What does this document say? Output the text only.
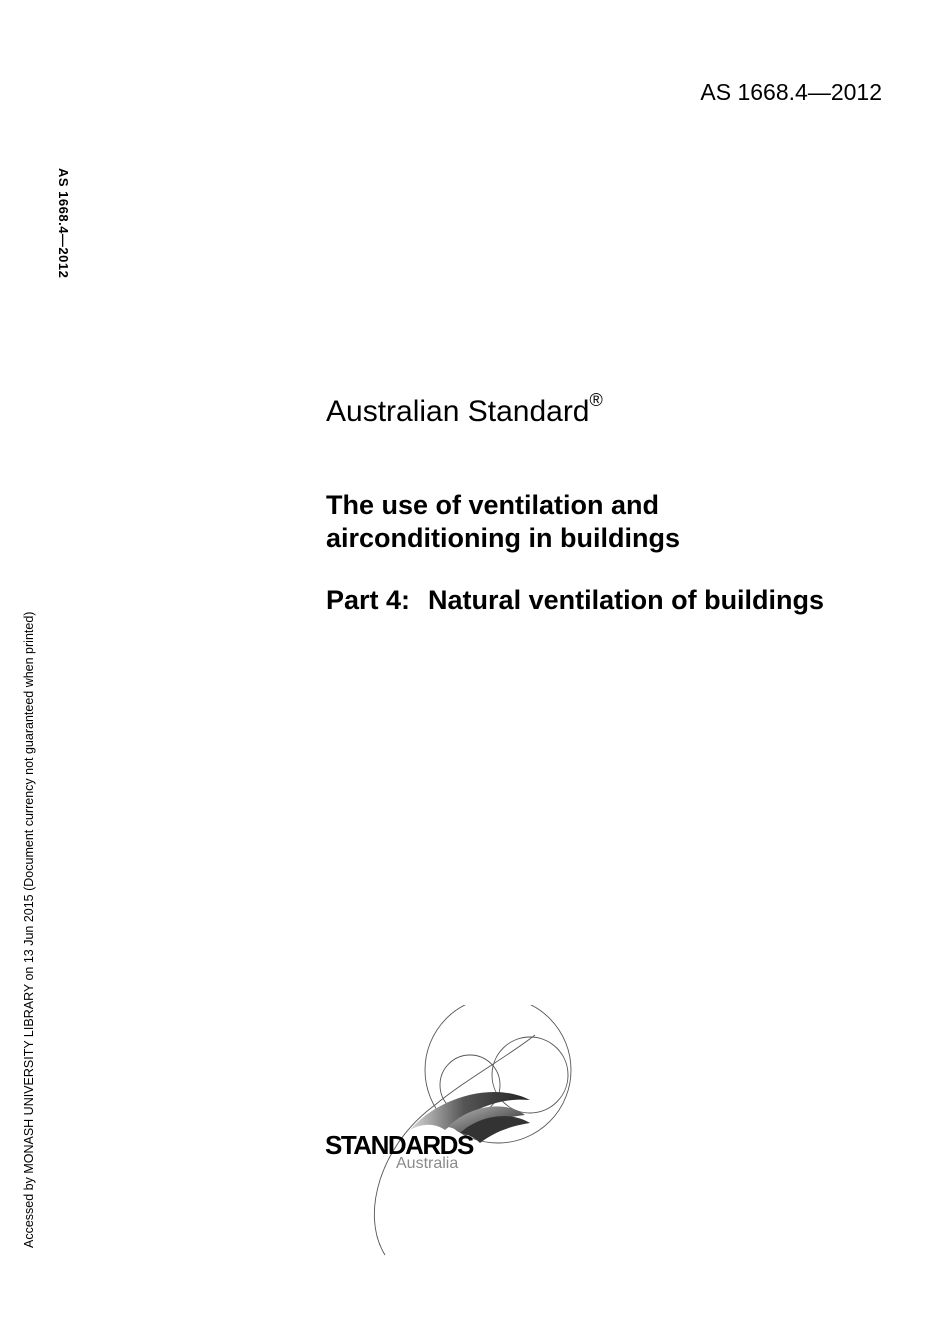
AS 1668.4—2012
AS 1668.4—2012
Accessed by MONASH UNIVERSITY LIBRARY on 13 Jun 2015 (Document currency not guaranteed when printed)
Australian Standard®
The use of ventilation and
airconditioning in buildings
Part 4: Natural ventilation of buildings
STANDARDS
Australia
